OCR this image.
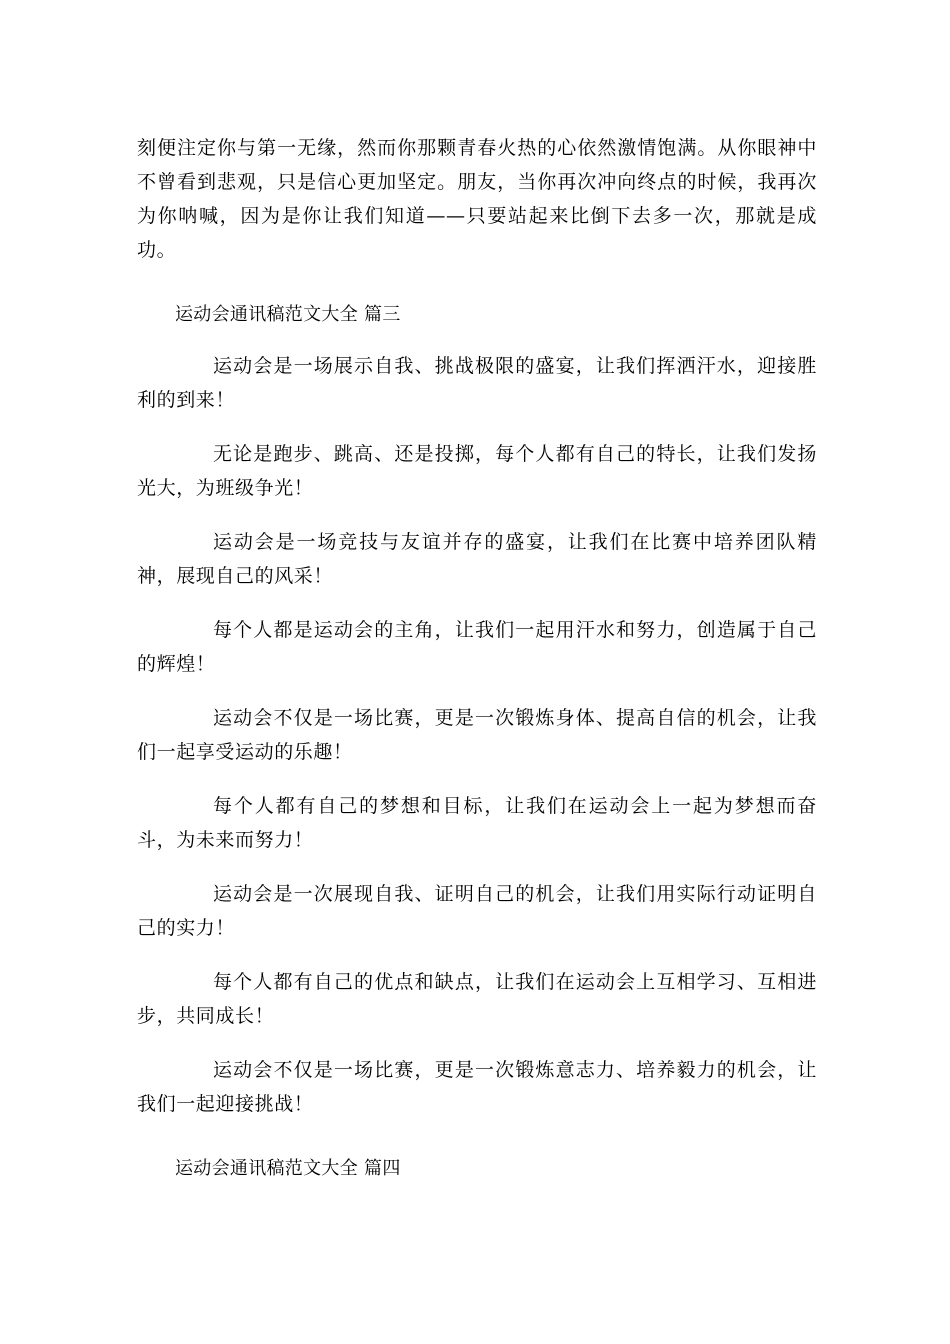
刻便注定你与第一无缘，然而你那颗青春火热的心依然激情饱满。从你眼神中不曾看到悲观，只是信心更加坚定。朋友，当你再次冲向终点的时候，我再次为你呐喊，因为是你让我们知道——只要站起来比倒下去多一次，那就是成功。

运动会通讯稿范文大全 篇三

运动会是一场展示自我、挑战极限的盛宴，让我们挥洒汗水，迎接胜利的到来！

无论是跑步、跳高、还是投掷，每个人都有自己的特长，让我们发扬光大，为班级争光！

运动会是一场竞技与友谊并存的盛宴，让我们在比赛中培养团队精神，展现自己的风采！

每个人都是运动会的主角，让我们一起用汗水和努力，创造属于自己的辉煌！

运动会不仅是一场比赛，更是一次锻炼身体、提高自信的机会，让我们一起享受运动的乐趣！

每个人都有自己的梦想和目标，让我们在运动会上一起为梦想而奋斗，为未来而努力！

运动会是一次展现自我、证明自己的机会，让我们用实际行动证明自己的实力！

每个人都有自己的优点和缺点，让我们在运动会上互相学习、互相进步，共同成长！

运动会不仅是一场比赛，更是一次锻炼意志力、培养毅力的机会，让我们一起迎接挑战！

运动会通讯稿范文大全 篇四
